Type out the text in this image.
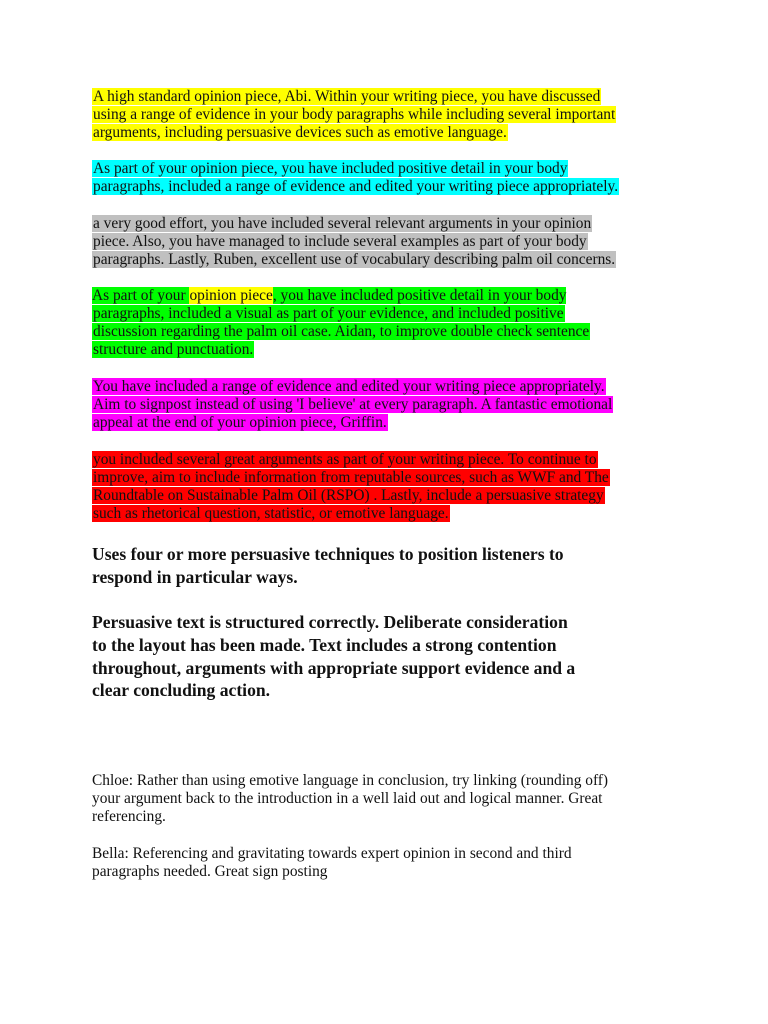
A high standard opinion piece, Abi. Within your writing piece, you have discussed
using a range of evidence in your body paragraphs while including several important
arguments, including persuasive devices such as emotive language.
As part of your opinion piece, you have included positive detail in your body
paragraphs, included a range of evidence and edited your writing piece appropriately.
a very good effort, you have included several relevant arguments in your opinion
piece. Also, you have managed to include several examples as part of your body
paragraphs. Lastly, Ruben, excellent use of vocabulary describing palm oil concerns.
As part of your opinion piece, you have included positive detail in your body
paragraphs, included a visual as part of your evidence, and included positive
discussion regarding the palm oil case. Aidan, to improve double check sentence
structure and punctuation.
You have included a range of evidence and edited your writing piece appropriately.
Aim to signpost instead of using 'I believe' at every paragraph. A fantastic emotional
appeal at the end of your opinion piece, Griffin.
you included several great arguments as part of your writing piece. To continue to
improve, aim to include information from reputable sources, such as WWF and The
Roundtable on Sustainable Palm Oil (RSPO) . Lastly, include a persuasive strategy
such as rhetorical question, statistic, or emotive language.
Uses four or more persuasive techniques to position listeners to
respond in particular ways.
Persuasive text is structured correctly. Deliberate consideration
to the layout has been made. Text includes a strong contention
throughout, arguments with appropriate support evidence and a
clear concluding action.
Chloe: Rather than using emotive language in conclusion, try linking (rounding off)
your argument back to the introduction in a well laid out and logical manner. Great
referencing.
Bella: Referencing and gravitating towards expert opinion in second and third
paragraphs needed. Great sign posting
